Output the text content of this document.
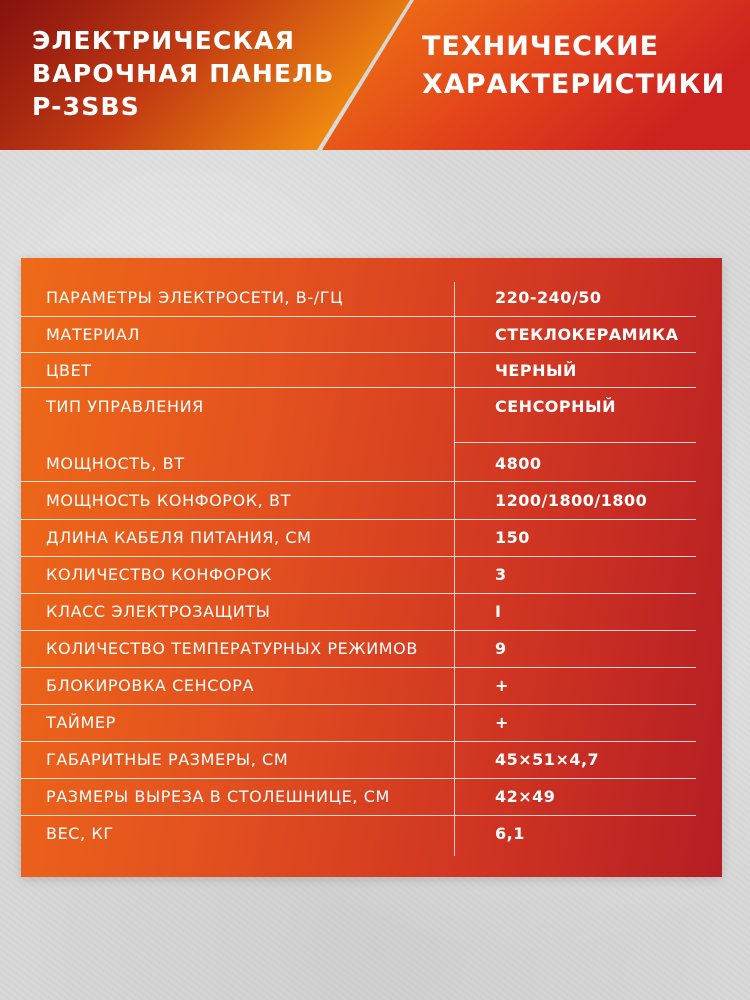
ЭЛЕКТРИЧЕСКАЯ
ВАРОЧНАЯ ПАНЕЛЬ
P-3SBS
ТЕХНИЧЕСКИЕ
ХАРАКТЕРИСТИКИ
ПАРАМЕТРЫ ЭЛЕКТРОСЕТИ, В-/ГЦ	220-240/50
МАТЕРИАЛ	СТЕКЛОКЕРАМИКА
ЦВЕТ	ЧЕРНЫЙ
ТИП УПРАВЛЕНИЯ	СЕНСОРНЫЙ
МОЩНОСТЬ, ВТ	4800
МОЩНОСТЬ КОНФОРОК, ВТ	1200/1800/1800
ДЛИНА КАБЕЛЯ ПИТАНИЯ, СМ	150
КОЛИЧЕСТВО КОНФОРОК	3
КЛАСС ЭЛЕКТРОЗАЩИТЫ	I
КОЛИЧЕСТВО ТЕМПЕРАТУРНЫХ РЕЖИМОВ	9
БЛОКИРОВКА СЕНСОРА	+
ТАЙМЕР	+
ГАБАРИТНЫЕ РАЗМЕРЫ, СМ	45×51×4,7
РАЗМЕРЫ ВЫРЕЗА В СТОЛЕШНИЦЕ, СМ	42×49
ВЕС, КГ	6,1
